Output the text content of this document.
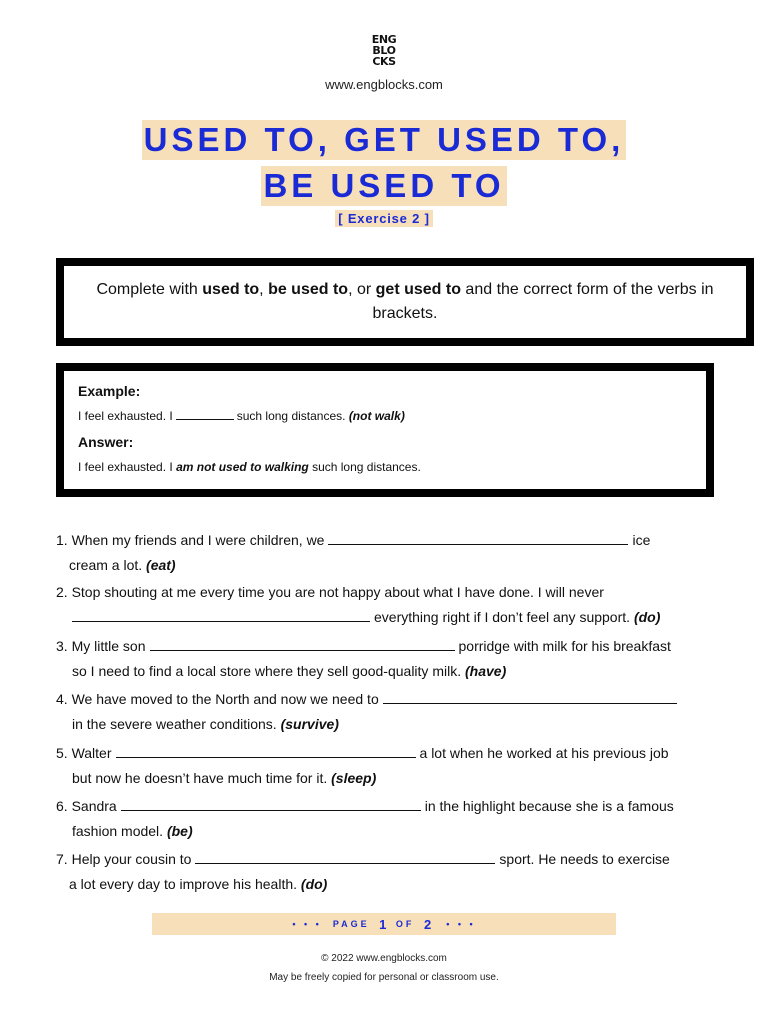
ENG
BLO
CKS
www.engblocks.com
USED TO, GET USED TO,
BE USED TO
[ Exercise 2 ]
Complete with used to, be used to, or get used to and the correct form of the verbs in brackets.
Example:
I feel exhausted. I	such long distances. (not walk)
Answer:
I feel exhausted. I am not used to walking such long distances.
1. When my friends and I were children, we	ice
cream a lot. (eat)
2. Stop shouting at me every time you are not happy about what I have done. I will never
everything right if I don’t feel any support. (do)
3. My little son	porridge with milk for his breakfast
so I need to find a local store where they sell good-quality milk. (have)
4. We have moved to the North and now we need to
in the severe weather conditions. (survive)
5. Walter	a lot when he worked at his previous job
but now he doesn’t have much time for it. (sleep)
6. Sandra	in the highlight because she is a famous
fashion model. (be)
7. Help your cousin to	sport. He needs to exercise
a lot every day to improve his health. (do)
• • •
PAGE
1
OF
2
• • •
© 2022 www.engblocks.com
May be freely copied for personal or classroom use.
